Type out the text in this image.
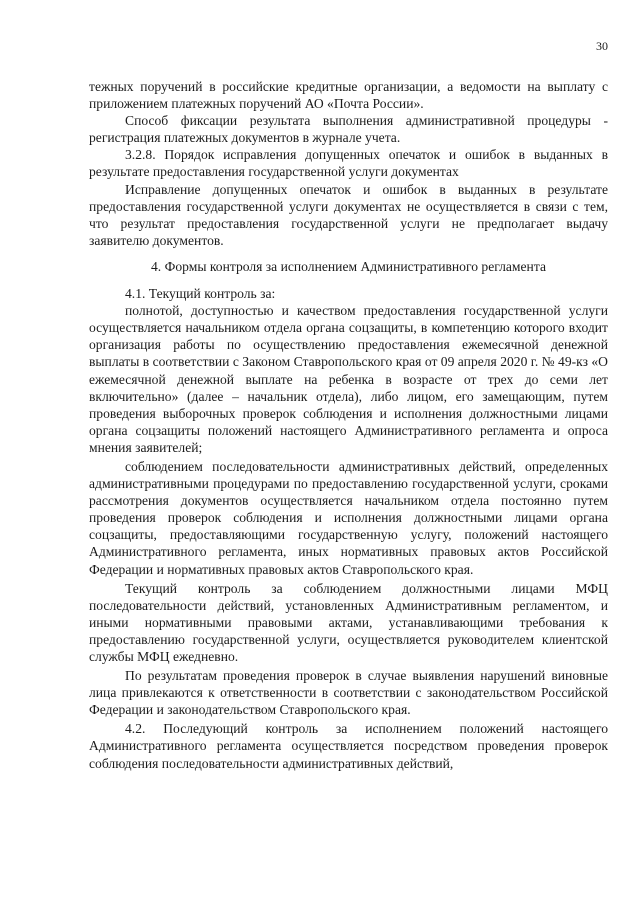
30

тежных поручений в российские кредитные организации, а ведомости на выплату с приложением платежных поручений АО «Почта России».

Способ фиксации результата выполнения административной процедуры - регистрация платежных документов в журнале учета.

3.2.8. Порядок исправления допущенных опечаток и ошибок в выданных в результате предоставления государственной услуги документах

Исправление допущенных опечаток и ошибок в выданных в результате предоставления государственной услуги документах не осуществляется в связи с тем, что результат предоставления государственной услуги не предполагает выдачу заявителю документов.

4. Формы контроля за исполнением Административного регламента

4.1. Текущий контроль за:

полнотой, доступностью и качеством предоставления государственной услуги осуществляется начальником отдела органа соцзащиты, в компетенцию которого входит организация работы по осуществлению предоставления ежемесячной денежной выплаты в соответствии с Законом Ставропольского края от 09 апреля 2020 г. № 49-кз «О ежемесячной денежной выплате на ребенка в возрасте от трех до семи лет включительно» (далее – начальник отдела), либо лицом, его замещающим, путем проведения выборочных проверок соблюдения и исполнения должностными лицами органа соцзащиты положений настоящего Административного регламента и опроса мнения заявителей;

соблюдением последовательности административных действий, определенных административными процедурами по предоставлению государственной услуги, сроками рассмотрения документов осуществляется начальником отдела постоянно путем проведения проверок соблюдения и исполнения должностными лицами органа соцзащиты, предоставляющими государственную услугу, положений настоящего Административного регламента, иных нормативных правовых актов Российской Федерации и нормативных правовых актов Ставропольского края.

Текущий контроль за соблюдением должностными лицами МФЦ последовательности действий, установленных Административным регламентом, и иными нормативными правовыми актами, устанавливающими требования к предоставлению государственной услуги, осуществляется руководителем клиентской службы МФЦ ежедневно.

По результатам проведения проверок в случае выявления нарушений виновные лица привлекаются к ответственности в соответствии с законодательством Российской Федерации и законодательством Ставропольского края.

4.2. Последующий контроль за исполнением положений настоящего Административного регламента осуществляется посредством проведения проверок соблюдения последовательности административных действий,
